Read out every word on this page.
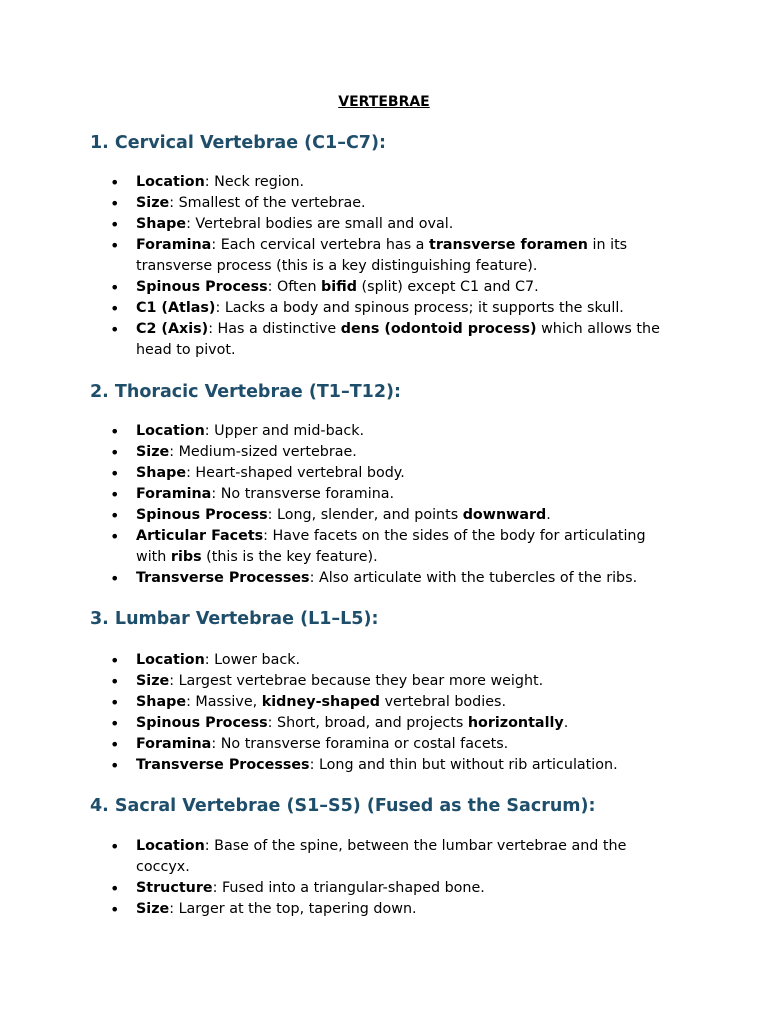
VERTEBRAE
1. Cervical Vertebrae (C1–C7):
• Location: Neck region.
• Size: Smallest of the vertebrae.
• Shape: Vertebral bodies are small and oval.
• Foramina: Each cervical vertebra has a transverse foramen in its transverse process (this is a key distinguishing feature).
• Spinous Process: Often bifid (split) except C1 and C7.
• C1 (Atlas): Lacks a body and spinous process; it supports the skull.
• C2 (Axis): Has a distinctive dens (odontoid process) which allows the head to pivot.
2. Thoracic Vertebrae (T1–T12):
• Location: Upper and mid-back.
• Size: Medium-sized vertebrae.
• Shape: Heart-shaped vertebral body.
• Foramina: No transverse foramina.
• Spinous Process: Long, slender, and points downward.
• Articular Facets: Have facets on the sides of the body for articulating with ribs (this is the key feature).
• Transverse Processes: Also articulate with the tubercles of the ribs.
3. Lumbar Vertebrae (L1–L5):
• Location: Lower back.
• Size: Largest vertebrae because they bear more weight.
• Shape: Massive, kidney-shaped vertebral bodies.
• Spinous Process: Short, broad, and projects horizontally.
• Foramina: No transverse foramina or costal facets.
• Transverse Processes: Long and thin but without rib articulation.
4. Sacral Vertebrae (S1–S5) (Fused as the Sacrum):
• Location: Base of the spine, between the lumbar vertebrae and the coccyx.
• Structure: Fused into a triangular-shaped bone.
• Size: Larger at the top, tapering down.
